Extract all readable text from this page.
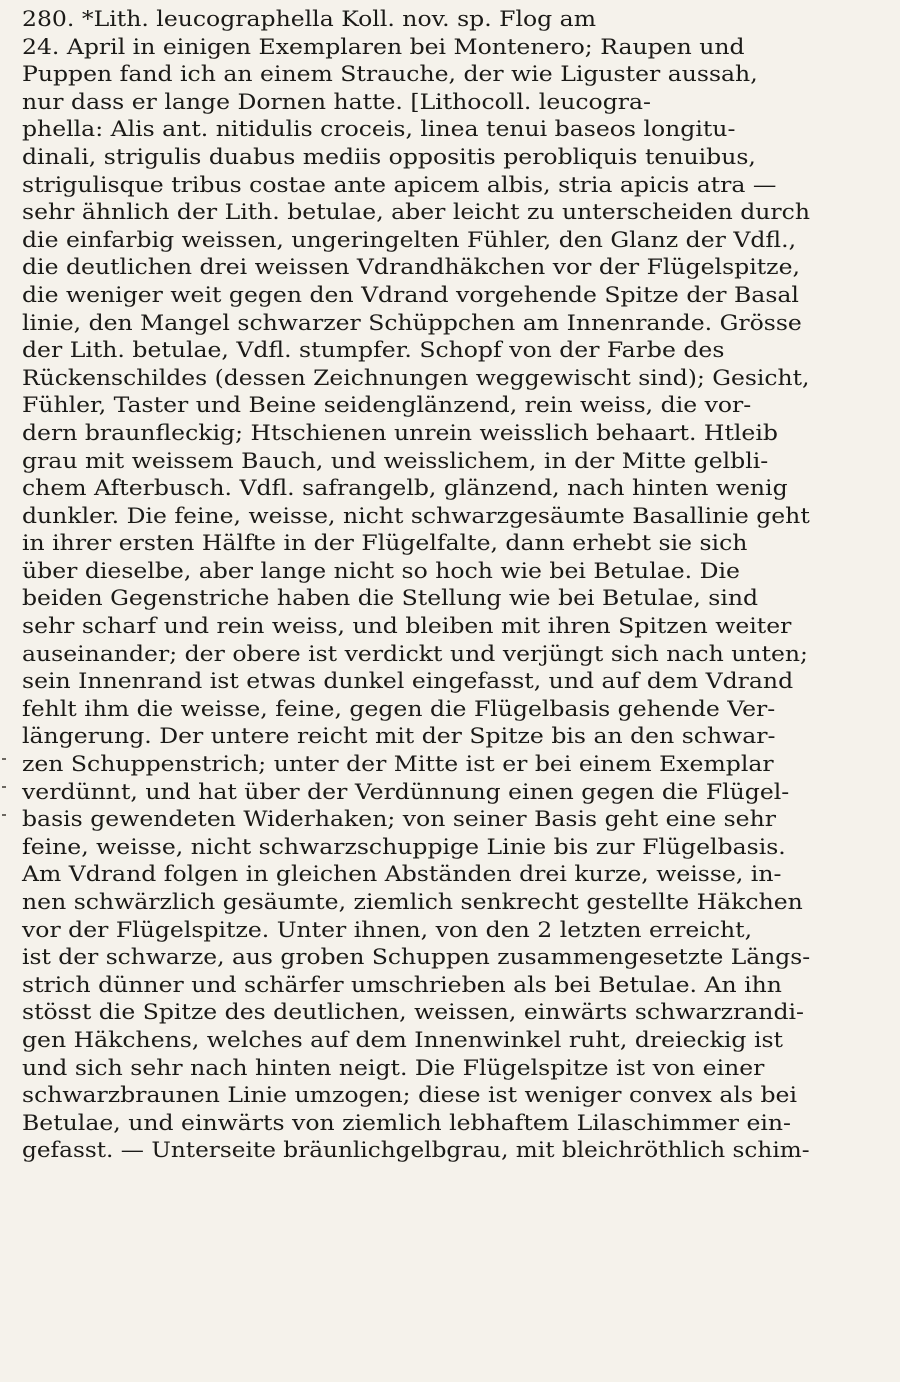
280. *Lith. leucographella Koll. nov. sp. Flog am
24. April in einigen Exemplaren bei Montenero; Raupen und
Puppen fand ich an einem Strauche, der wie Liguster aussah,
nur dass er lange Dornen hatte. [Lithocoll. leucogra-
phella: Alis ant. nitidulis croceis, linea tenui baseos longitu-
dinali, strigulis duabus mediis oppositis perobliquis tenuibus,
strigulisque tribus costae ante apicem albis, stria apicis atra —
sehr ähnlich der Lith. betulae, aber leicht zu unterscheiden durch
die einfarbig weissen, ungeringelten Fühler, den Glanz der Vdfl.,
die deutlichen drei weissen Vdrandhäkchen vor der Flügelspitze,
die weniger weit gegen den Vdrand vorgehende Spitze der Basal
linie, den Mangel schwarzer Schüppchen am Innenrande. Grösse
der Lith. betulae, Vdfl. stumpfer. Schopf von der Farbe des
Rückenschildes (dessen Zeichnungen weggewischt sind); Gesicht,
Fühler, Taster und Beine seidenglänzend, rein weiss, die vor-
dern braunfleckig; Htschienen unrein weisslich behaart. Htleib
grau mit weissem Bauch, und weisslichem, in der Mitte gelbli-
chem Afterbusch. Vdfl. safrangelb, glänzend, nach hinten wenig
dunkler. Die feine, weisse, nicht schwarzgesäumte Basallinie geht
in ihrer ersten Hälfte in der Flügelfalte, dann erhebt sie sich
über dieselbe, aber lange nicht so hoch wie bei Betulae. Die
beiden Gegenstriche haben die Stellung wie bei Betulae, sind
sehr scharf und rein weiss, und bleiben mit ihren Spitzen weiter
auseinander; der obere ist verdickt und verjüngt sich nach unten;
sein Innenrand ist etwas dunkel eingefasst, und auf dem Vdrand
fehlt ihm die weisse, feine, gegen die Flügelbasis gehende Ver-
längerung. Der untere reicht mit der Spitze bis an den schwar-
zen Schuppenstrich; unter der Mitte ist er bei einem Exemplar
verdünnt, und hat über der Verdünnung einen gegen die Flügel-
basis gewendeten Widerhaken; von seiner Basis geht eine sehr
feine, weisse, nicht schwarzschuppige Linie bis zur Flügelbasis.
Am Vdrand folgen in gleichen Abständen drei kurze, weisse, in-
nen schwärzlich gesäumte, ziemlich senkrecht gestellte Häkchen
vor der Flügelspitze. Unter ihnen, von den 2 letzten erreicht,
ist der schwarze, aus groben Schuppen zusammengesetzte Längs-
strich dünner und schärfer umschrieben als bei Betulae. An ihn
stösst die Spitze des deutlichen, weissen, einwärts schwarzrandi-
gen Häkchens, welches auf dem Innenwinkel ruht, dreieckig ist
und sich sehr nach hinten neigt. Die Flügelspitze ist von einer
schwarzbraunen Linie umzogen; diese ist weniger convex als bei
Betulae, und einwärts von ziemlich lebhaftem Lilaschimmer ein-
gefasst. — Unterseite bräunlichgelbgrau, mit bleichröthlich schim-
